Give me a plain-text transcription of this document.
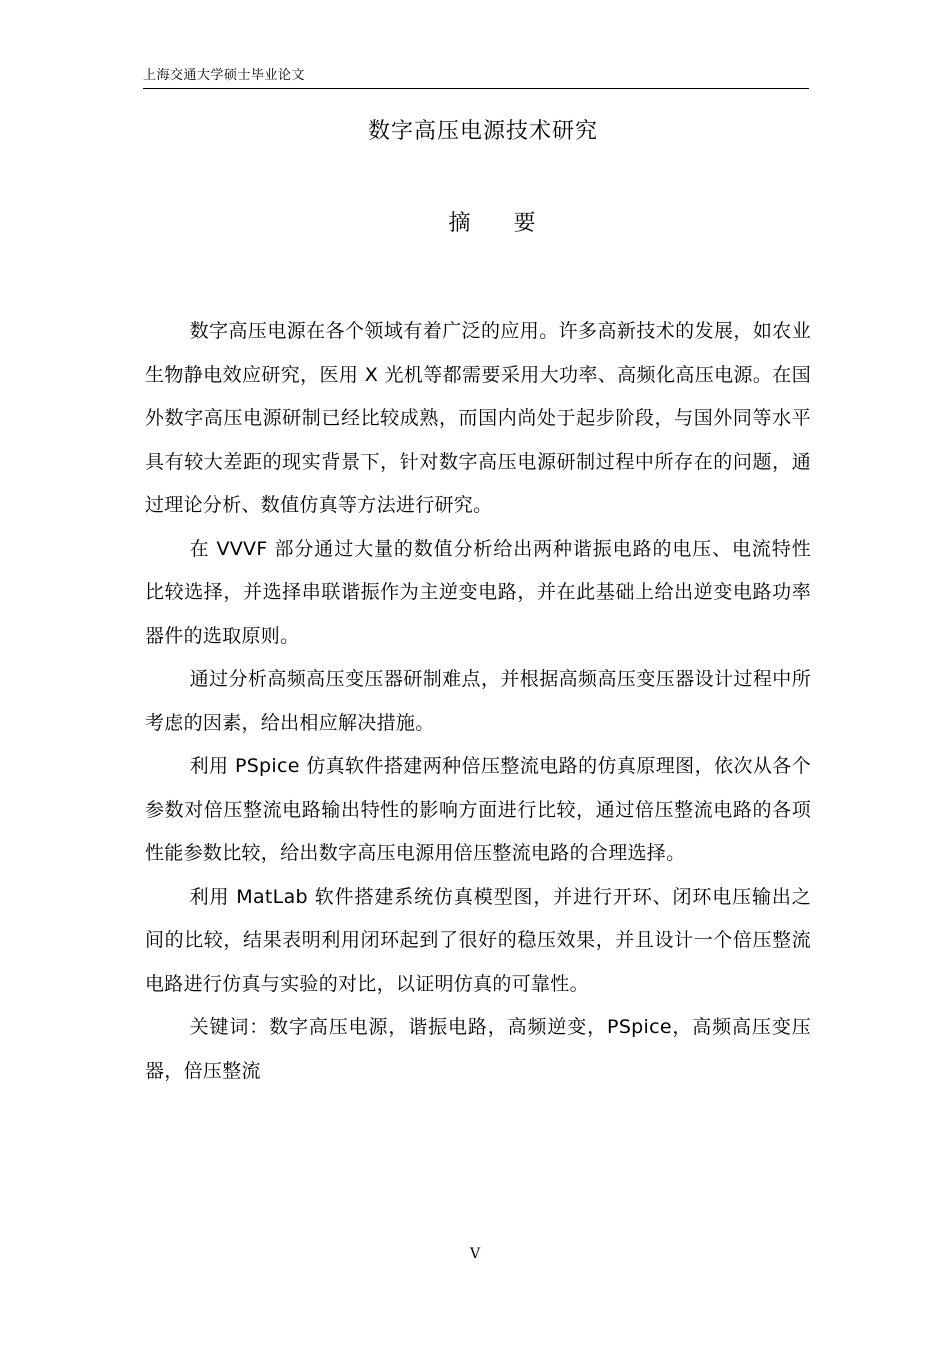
上海交通大学硕士毕业论文
数字高压电源技术研究
摘 要

数字高压电源在各个领域有着广泛的应用。许多高新技术的发展，如农业生物静电效应研究，医用 X 光机等都需要采用大功率、高频化高压电源。在国外数字高压电源研制已经比较成熟，而国内尚处于起步阶段，与国外同等水平具有较大差距的现实背景下，针对数字高压电源研制过程中所存在的问题，通过理论分析、数值仿真等方法进行研究。

在 VVVF 部分通过大量的数值分析给出两种谐振电路的电压、电流特性比较选择，并选择串联谐振作为主逆变电路，并在此基础上给出逆变电路功率器件的选取原则。

通过分析高频高压变压器研制难点，并根据高频高压变压器设计过程中所考虑的因素，给出相应解决措施。

利用 PSpice 仿真软件搭建两种倍压整流电路的仿真原理图，依次从各个参数对倍压整流电路输出特性的影响方面进行比较，通过倍压整流电路的各项性能参数比较，给出数字高压电源用倍压整流电路的合理选择。

利用 MatLab 软件搭建系统仿真模型图，并进行开环、闭环电压输出之间的比较，结果表明利用闭环起到了很好的稳压效果，并且设计一个倍压整流电路进行仿真与实验的对比，以证明仿真的可靠性。

关键词：数字高压电源，谐振电路，高频逆变，PSpice，高频高压变压器，倍压整流

V
